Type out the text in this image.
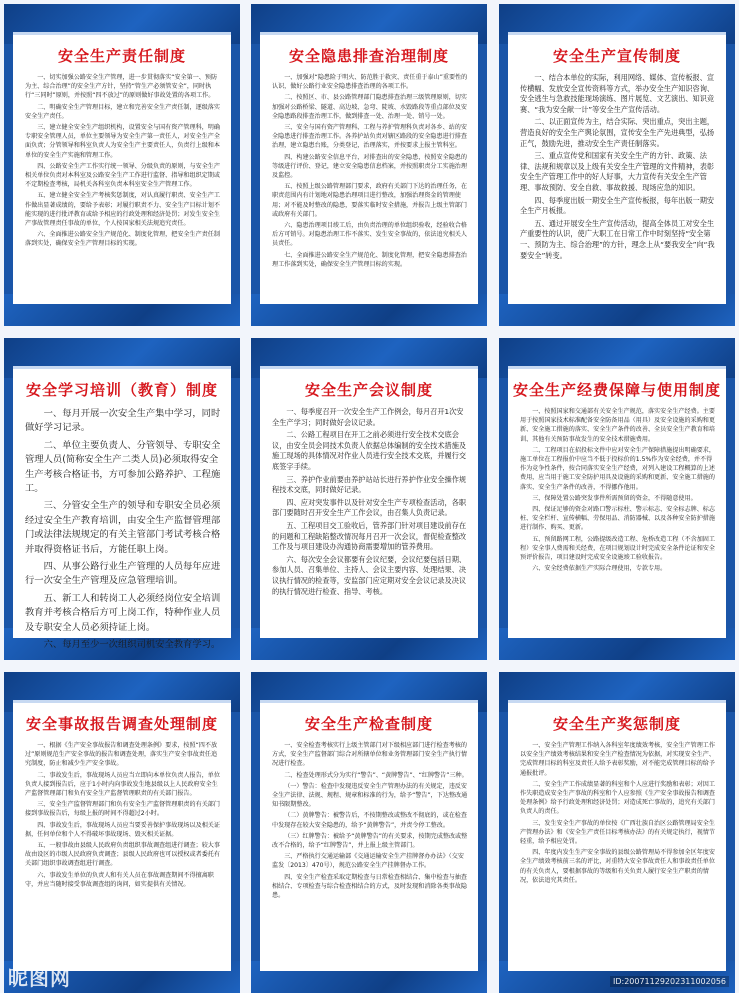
安全生产责任制度

一、切实加强公路安全生产管理，进一步贯彻落实“安全第一、预防为主、综合治理”的安全生产方针，坚持“管生产必须管安全”，同时执行“三同时”原则，并按照“四不放过”的原则做好事故处置的各项工作。

二、明确安全生产管理目标，建立和完善安全生产责任制，逐级落实安全生产责任。

三、建立健全安全生产组织机构，设置安全与国有资产管理科，明确专职安全管理人员，单位主要领导为安全生产第一责任人，对安全生产全面负责；分管领导和科室负责人为安全生产主要责任人，负责行上级和本单位的安全生产实施和管理工作。

四、公路安全生产工作实行统一领导、分级负责的原则，与安全生产相关单位负责对本科室及公路安全生产工作进行监督、指导和组织定期或不定期检查考核，局机关各科室负责本科室安全生产管理工作。

五、建立健全安全生产考核奖惩制度，对认真履行职责、安全生产工作做出显著成绩的，要给予表彰；对履行职责不力、安全生产目标计划不能实现的进行批评教育或给予相应的行政处理和经济处罚；对发生安全生产事故管理责任事故的单位，个人按国家相关法规追究责任。

六、全面推进公路安全生产规范化、制度化管理，把安全生产责任制落到实处，确保安全生产管理目标的实现。

安全隐患排查治理制度

一、加强对“隐患险于明火、防范胜于救灾、责任重于泰山”重要性的认识，做好公路行业安全隐患排查治理的各项工作。

二、按照区、市、县公路管理部门隐患排查治理三级管理原则，切实加强对公路桥梁、隧道、高边坡、急弯、陡坡、水毁路段等重点部位及安全隐患路段排查治理工作，做到排查一处、治理一处、销号一处。

三、安全与国有资产管理科、工程与养护管理科负责对各乡、站的安全隐患进行排查治理工作。各养护站负责对辖区路段的安全隐患进行排查治理，建立隐患台账，分类登记，治理落实，并按要求上报主管科室。

四、构建公路安全信息平台，对排查出的安全隐患，按照安全隐患的等级进行评价、登记，建立安全隐患信息档案，并按照职责分工实施治理及监控。

五、按照上级公路管理部门要求，政府有关部门下达的治理任务，在职责范围内有计划地对隐患治理项目进行整改，加强治理资金的管理使用；对不能及时整改的隐患，要落实临时安全措施，并报告上级主管部门或政府有关部门。

六、隐患治理项目竣工后，由负责治理的单位组织验收，经验收合格后方可销号。对隐患治理工作不落实、发生安全事故的，依法追究相关人员责任。

七、全面推进公路安全生产规范化、制度化管理，把安全隐患排查治理工作落到实处，确保安全生产管理目标的实现。

安全生产宣传制度

一、结合本单位的实际，利用网络、媒体、宣传板报、宣传横幅、发放安全宣传资料等方式，举办安全生产知识咨询、安全逃生与急救技能现场演练、图片展览、文艺演出、知识竞赛、“我为安全献一计”等安全生产宣传活动。

二、以正面宣传为主，结合实际、突出重点，突出主题，营造良好的安全生产舆论氛围，宣传安全生产先进典型，弘扬正气，鼓励先进，推动安全生产责任制落实。

三、重点宣传党和国家有关安全生产的方针、政策、法律、法规和规章以及上级有关安全生产管理的文件精神，表彰安全生产管理工作中的好人好事，大力宣传有关安全生产管理、事故预防、安全自救、事故救援、现场应急的知识。

四、每季度出版一期安全生产宣传板报，每年出版一期安全生产月板报。

五、通过开展安全生产宣传活动，提高全体员工对安全生产重要性的认识，使广大职工在日常工作中时刻坚持“安全第一、预防为主、综合治理”的方针，理念上从“要我安全”向“我要安全”转变。

安全学习培训（教育）制度

一、每月开展一次安全生产集中学习，同时做好学习记录。

二、单位主要负责人、分管领导、专职安全管理人员(简称安全生产二类人员)必须取得安全生产考核合格证书，方可参加公路养护、工程施工。

三、分管安全生产的领导和专职安全员必须经过安全生产教育培训，由安全生产监督管理部门或法律法规规定的有关主管部门考试考核合格并取得资格证书后，方能任职上岗。

四、从事公路行业生产管理的人员每年应进行一次安全生产管理及应急管理培训。

五、新工人和转岗工人必须经岗位安全培训教育并考核合格后方可上岗工作，特种作业人员及专职安全人员必须持证上岗。

六、每月至少一次组织司机安全教育学习。

安全生产会议制度

一、每季度召开一次安全生产工作例会，每月召开1次安全生产学习；同时做好会议记录。

二、公路工程项目在开工之前必须进行安全技术交底会议，由安全员会同技术负责人依据总体编制的安全技术措施及施工现场的具体情况对作业人员进行安全技术交底，并履行交底签字手续。

三、养护作业前要由养护站站长进行养护作业安全操作规程技术交底，同时做好记录。

四、应对突发事件以及针对安全生产专项检查活动，各职部门要随时召开安全生产工作会议，由召集人负责记录。

五、工程项目交工验收后，管养部门针对项目建设前存在的问题和工程缺陷整改情况每月召开一次会议，督促检查整改工作及与项目建设办沟通协商需要增加的管养费用。

六、每次安全会议都要有会议纪要，会议纪要包括日期、参加人员、召集单位、主持人、会议主要内容、处理结果、决议执行情况的检查等，安监部门应定期对安全会议记录及决议的执行情况进行检查、指导、考核。

安全生产经费保障与使用制度

一、按照国家和交通部有关安全生产规范，落实安全生产经费。主要用于按照国家技术标准配备安全防备用品（用具）及安全设施的采购和更新、安全施工措施的落实、安全生产条件的改善、全员安全生产教育和培训、其他有关预防事故发生的安全技术措施费用。

二、工程项目在招投标文件中应对安全生产保障措施提出明确要求，施工单位在工程报价中应当不低于投标价的1.5%作为安全经费，并不得作为竞争性条件，按合同落实安全生产经费，对列入建设工程概算的上述费用，应当用于施工安全防护用具及设施的采购和更新、安全施工措施的落实、安全生产条件的改善，不得挪作他用。

三、保障处置公路突发事件所需预留的资金，不得随意使用。

四、保证足够的资金对路口警示标柱、警示标志、安全标志牌、标志桩、安全栏杆、宣传横幅、劳保用品、消防器械、以及各种安全防护措施进行制作、购买、更新。

五、预留路网工程，公路提级改造工程、危桥改造工程（不含加固工程）安全事人费需和关经费，在项目规划设计时完成安全条件论证和安全预评价报告，项目建设时完成安全设施竣工验收报告。

六、安全经费依据生产实际合理使用，专款专用。

安全事故报告调查处理制度

一、根据《生产安全事故报告和调查处理条例》要求，按照“四不放过”原则规范生产安全事故的报告和调查处理，落实生产安全事故责任追究制度，防止和减少生产安全事故。

二、事故发生后，事故现场人员应当立即向本单位负责人报告，单位负责人接到报告后，应于1小时内向事故发生地县级以上人民政府安全生产监督管理部门和负有安全生产监督管理职责的有关部门报告。

三、安全生产监督管理部门和负有安全生产监督管理职责的有关部门接到事故报告后，每级上报的时间不得超过2小时。

四、事故发生后，事故现场人员应当要妥善保护事故现场以及相关证据，任何单位和个人不得破坏事故现场、毁灭相关证据。

五、一般事故由县级人民政府负责组织事故调查组进行调查；较大事故由设区的市级人民政府负责调查；县级人民政府也可以授权或者委托有关部门组织事故调查组进行调查。

六、事故发生单位的负责人和有关人员在事故调查期间不得擅离职守，并应当随时接受事故调查组的询问，如实提供有关情况。

昵图网
安全生产检查制度

一、安全检查考核实行上级主管部门对下级相应部门进行检查考核的方式，安全生产监督部门综合对所辖单位和业务管理部门安全生产执行情况进行检查。

二、检查处理形式分为实行“警告”、“黄牌警告”、“红牌警告”三种。

（一）警告：检查中发现违反安全生产管理办法的有关规定，违反安全生产法律、法规、规程、规章和标准的行为，给予“警告”，下达整改通知书限期整改。

（二）黄牌警告：被警告后，不按期整改或整改不彻底的，或在检查中发现存在较大安全隐患的，给予“黄牌警告”，并责令停工整改。

（三）红牌警告：被给予“黄牌警告”的有关要求，按期完成整改或整改不合格的，给予“红牌警告”，并上报上级主管部门。

三、严格执行交通运输部《交通运输安全生产挂牌督办办法》（交安监发〔2013〕470号），规范公路安全生产挂牌督办工作。

四、安全生产检查采取定期检查与日常检查相结合、集中检查与抽查相结合、专项检查与综合检查相结合的方式，及时发现和消除各类事故隐患。

安全生产奖惩制度

一、安全生产管理工作纳入各科室年度绩效考核，安全生产管理工作以安全生产绩效考核结果和安全生产检查情况为依据，对实现安全生产、完成管理目标的科室及责任人给予表彰奖励，对不能完成管理目标的给予通报批评。

二、安全生产工作成绩显著的科室和个人应进行奖励和表彰；对因工作失职造成安全生产事故的科室和个人应参照《生产安全事故报告和调查处理条例》给予行政处理和经济处罚；对造成死亡事故的，追究有关部门负责人的责任。

三、发生安全生产事故的单位按《广西壮族自治区公路管理局安全生产管理办法》和《安全生产责任目标考核办法》的有关规定执行，视情节轻重，给予相应处罚。

四、年度内发生生产安全事故的县级公路管理局不得参加全区年度安全生产绩效考核前三名的评比，对重特大安全事故责任人和事故责任单位的有关负责人，要根据事故的等级和有关负责人履行安全生产职责的情况，依法追究其责任。

ID:20071129202311002056
